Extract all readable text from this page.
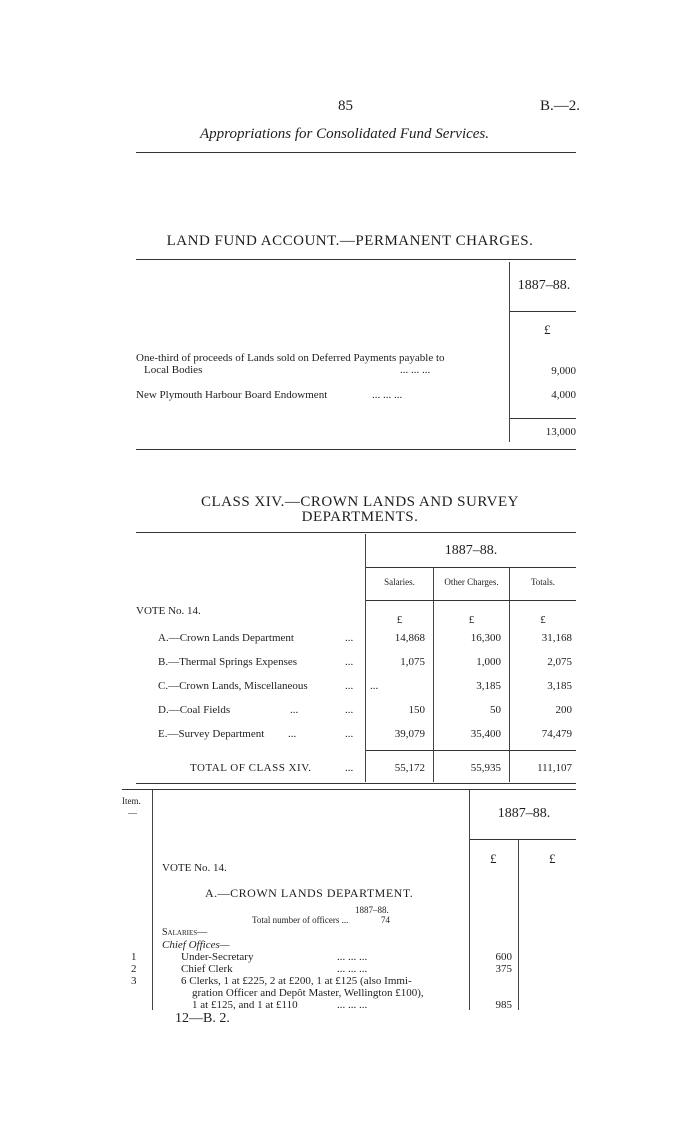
85	B.—2.
Appropriations for Consolidated Fund Services.
LAND FUND ACCOUNT.—PERMANENT CHARGES.
1887–88.
£
One-third of proceeds of Lands sold on Deferred Payments payable to
Local Bodies	... ... ...	9,000
New Plymouth Harbour Board Endowment	... ... ...	4,000
13,000
CLASS XIV.—CROWN LANDS AND SURVEY
DEPARTMENTS.
1887–88.
Salaries.	Other Charges.	Totals.
VOTE No. 14.
£	£	£
A.—Crown Lands Department	...	14,868	16,300	31,168
B.—Thermal Springs Expenses	...	1,075	1,000	2,075
C.—Crown Lands, Miscellaneous	...	...	3,185	3,185
D.—Coal Fields	...	...	150	50	200
E.—Survey Department	...	...	39,079	35,400	74,479
TOTAL OF CLASS XIV.	...	55,172	55,935	111,107
Item.
—	1887–88.
£	£
VOTE No. 14.
A.—CROWN LANDS DEPARTMENT.
1887–88.
Total number of officers ...	74
Salaries—
Chief Offices—
1	Under-Secretary	... ... ...	600
2	Chief Clerk	... ... ...	375
3	6 Clerks, 1 at £225, 2 at £200, 1 at £125 (also Immi-
gration Officer and Depôt Master, Wellington £100),
1 at £125, and 1 at £110	... ... ...	985
12—B. 2.
